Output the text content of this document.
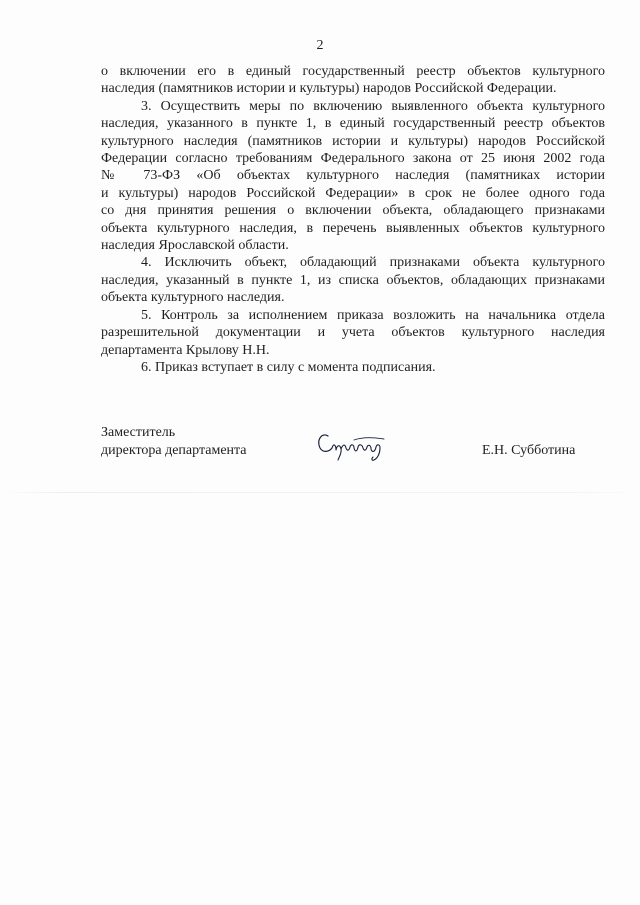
2
о включении его в единый государственный реестр объектов культурного
наследия (памятников истории и культуры) народов Российской Федерации.
3. Осуществить меры по включению выявленного объекта культурного
наследия, указанного в пункте 1, в единый государственный реестр объектов
культурного наследия (памятников истории и культуры) народов Российской
Федерации согласно требованиям Федерального закона от 25 июня 2002 года
№ 73-ФЗ «Об объектах культурного наследия (памятниках истории
и культуры) народов Российской Федерации» в срок не более одного года
со дня принятия решения о включении объекта, обладающего признаками
объекта культурного наследия, в перечень выявленных объектов культурного
наследия Ярославской области.
4. Исключить объект, обладающий признаками объекта культурного
наследия, указанный в пункте 1, из списка объектов, обладающих признаками
объекта культурного наследия.
5. Контроль за исполнением приказа возложить на начальника отдела
разрешительной документации и учета объектов культурного наследия
департамента Крылову Н.Н.
6. Приказ вступает в силу с момента подписания.
Заместитель
директора департамента	Е.Н. Субботина
